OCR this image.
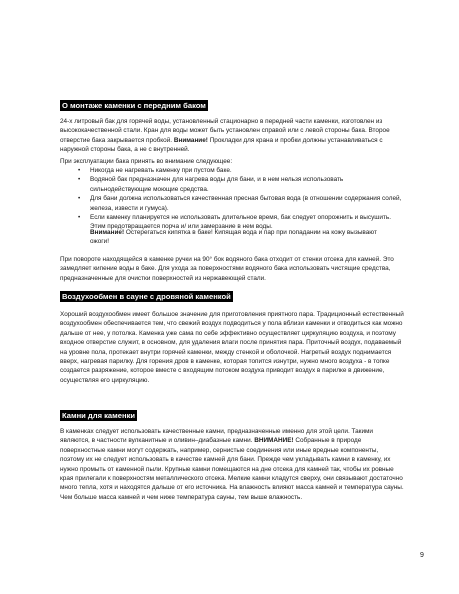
О монтаже каменки с передним баком

24-х литровый бак для горячей воды, установленный стационарно в передней части каменки, изготовлен из высококачественной стали. Кран для воды может быть установлен справой или с левой стороны бака. Второе отверстие бака закрывается пробкой. Внимание! Прокладки для крана и пробки должны устанавливаться с наружной стороны бака, а не с внутренней.

При эксплуатации бака принять во внимание следующее:

• Никогда не нагревать каменку при пустом баке.
• Водяной бак предназначен для нагрева воды для бани, и в нем нельзя использовать сильнодействующие моющие средства.
• Для бани должна использоваться качественная пресная бытовая вода (в отношении содержания солей, железа, извести и гумуса).
• Если каменку планируется не использовать длительное время, бак следует опорожнить и высушить. Этим предотвращается порча и/ или замерзание в нем воды.

Внимание! Остерегаться кипятка в баке! Кипящая вода и пар при попадании на кожу вызывают ожоги!

При повороте находящейся в каменке ручки на 90° бок водяного бака отходит от стенки отсека для камней. Это замедляет кипение воды в баке. Для ухода за поверхностями водяного бака использовать чистящие средства, предназначенные для очистки поверхностей из нержавеющей стали.

Воздухообмен в сауне с дровяной каменкой

Хороший воздухообмен имеет большое значение для приготовления приятного пара. Традиционный естественный воздухообмен обеспечивается тем, что свежий воздух подводиться у пола вблизи каменки и отводиться как можно дальше от нее, у потолка. Каменка уже сама по себе эффективно осуществляет циркуляцию воздуха, и поэтому входное отверстие служит, в основном, для удаления влаги после принятия пара. Приточный воздух, подаваемый на уровне пола, протекает внутри горячей каменки, между стенкой и оболочкой. Нагретый воздух поднимается вверх, нагревая парилку. Для горения дров в каменке, которая топится изнутри, нужно много воздуха - в топке создается разряжение, которое вместе с входящим потоком воздуха приводит воздух в парилке в движение, осуществляя его циркуляцию.

Камни для каменки

В каменках следует использовать качественные камни, предназначенные именно для этой цели. Такими являются, в частности вулканитные и оливин–диабазные камни. ВНИМАНИЕ! Собранные в природе поверхностные камни могут содержать, например, сернистые соединения или иные вредные компоненты, поэтому их не следует использовать в качестве камней для бани. Прежде чем укладывать камни в каменку, их нужно промыть от каменной пыли. Крупные камни помещаются на дне отсека для камней так, чтобы их ровные края прилегали к поверхностям металлического отсека. Мелкие камни кладутся сверху, они связывают достаточно много тепла, хотя и находятся дальше от его источника. На влажность влияют масса камней и температура сауны. Чем больше масса камней и чем ниже температура сауны, тем выше влажность.

9
